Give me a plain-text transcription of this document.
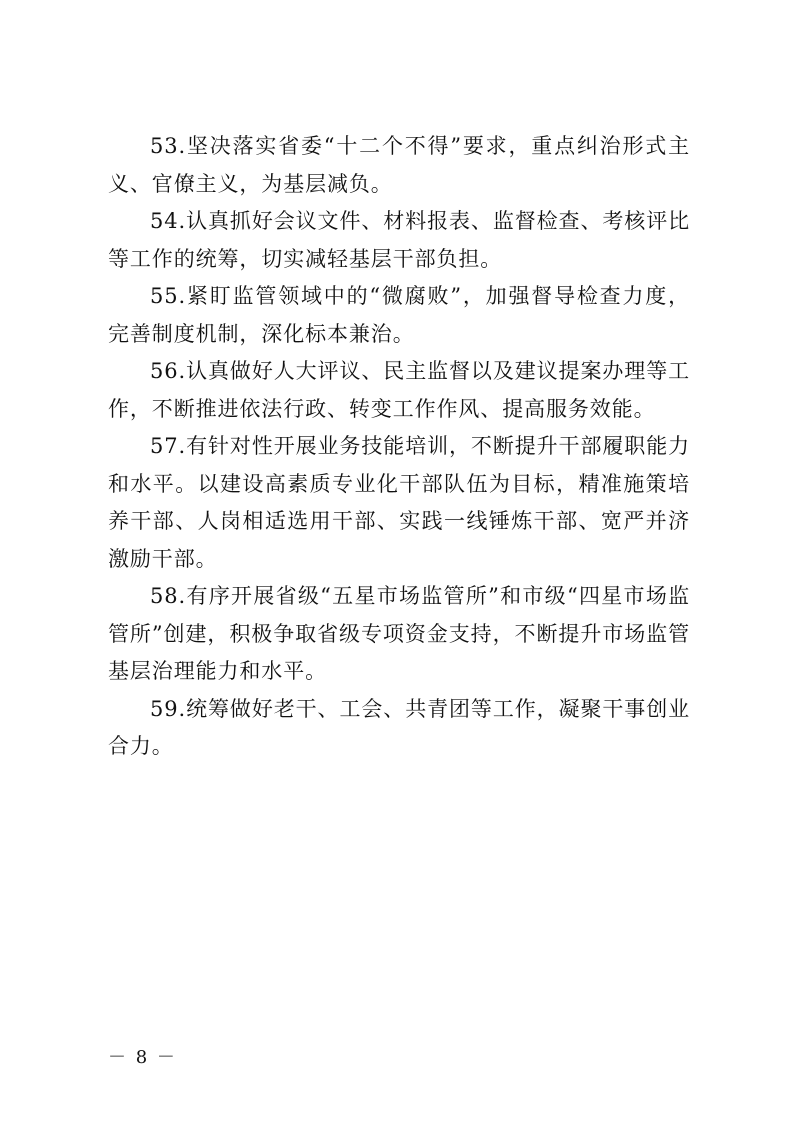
53.坚决落实省委“十二个不得”要求，重点纠治形式主义、官僚主义，为基层减负。

54.认真抓好会议文件、材料报表、监督检查、考核评比等工作的统筹，切实减轻基层干部负担。

55.紧盯监管领域中的“微腐败”，加强督导检查力度，完善制度机制，深化标本兼治。

56.认真做好人大评议、民主监督以及建议提案办理等工作，不断推进依法行政、转变工作作风、提高服务效能。

57.有针对性开展业务技能培训，不断提升干部履职能力和水平。以建设高素质专业化干部队伍为目标，精准施策培养干部、人岗相适选用干部、实践一线锤炼干部、宽严并济激励干部。

58.有序开展省级“五星市场监管所”和市级“四星市场监管所”创建，积极争取省级专项资金支持，不断提升市场监管基层治理能力和水平。

59.统筹做好老干、工会、共青团等工作，凝聚干事创业合力。

－ 8 －
